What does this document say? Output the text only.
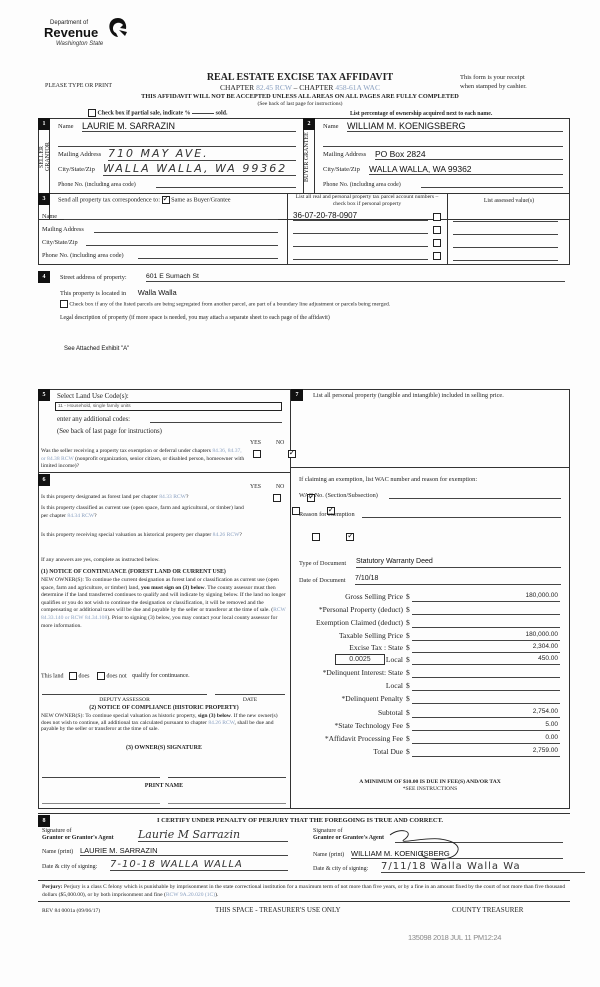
Department of
Revenue
Washington State
PLEASE TYPE OR PRINT
REAL ESTATE EXCISE TAX AFFIDAVIT
CHAPTER 82.45 RCW – CHAPTER 458-61A WAC
This form is your receipt
when stamped by cashier.
THIS AFFIDAVIT WILL NOT BE ACCEPTED UNLESS ALL AREAS ON ALL PAGES ARE FULLY COMPLETED
(See back of last page for instructions)
Check box if partial sale, indicate %	sold.	List percentage of ownership acquired next to each name.
1
SELLER GRANTOR
Name LAURIE M. SARRAZIN
Mailing Address 710 MAY AVE.
City/State/Zip WALLA WALLA, WA 99362
Phone No. (including area code)
2
BUYER GRANTEE
Name WILLIAM M. KOENIGSBERG
Mailing Address PO Box 2824
City/State/Zip WALLA WALLA, WA 99362
Phone No. (including area code)
3	Send all property tax correspondence to: ✓ Same as Buyer/Grantee
Name
Mailing Address
City/State/Zip
Phone No. (including area code)
List all real and personal property tax parcel account numbers – check box if personal property	List assessed value(s)
36-07-20-78-0907
4	Street address of property:	601 E Sumach St
This property is located in Walla Walla
Check box if any of the listed parcels are being segregated from another parcel, are part of a boundary line adjustment or parcels being merged.
Legal description of property (if more space is needed, you may attach a separate sheet to each page of the affidavit)
See Attached Exhibit "A"
5	Select Land Use Code(s):
11 - Household, single family units
enter any additional codes:
(See back of last page for instructions)
YES	NO
Was the seller receiving a property tax exemption or deferral under chapters 84.36, 84.37, or 84.38 RCW (nonprofit organization, senior citizen, or disabled person, homeowner with limited income)?
✓
6
YES	NO
Is this property designated as forest land per chapter 84.33 RCW?
✓
Is this property classified as current use (open space, farm and agricultural, or timber) land per chapter 84.34 RCW?
✓
Is this property receiving special valuation as historical property per chapter 84.26 RCW?
✓
If any answers are yes, complete as instructed below.
(1) NOTICE OF CONTINUANCE (FOREST LAND OR CURRENT USE)
NEW OWNER(S): To continue the current designation as forest land or classification as current use (open space, farm and agriculture, or timber) land, you must sign on (3) below. The county assessor must then determine if the land transferred continues to qualify and will indicate by signing below. If the land no longer qualifies or you do not wish to continue the designation or classification, it will be removed and the compensating or additional taxes will be due and payable by the seller or transferor at the time of sale. (RCW 84.33.140 or RCW 84.34.108). Prior to signing (3) below, you may contact your local county assessor for more information.
This land	does	does not qualify for continuance.
DEPUTY ASSESSOR	DATE
(2) NOTICE OF COMPLIANCE (HISTORIC PROPERTY)
NEW OWNER(S): To continue special valuation as historic property, sign (3) below. If the new owner(s) does not wish to continue, all additional tax calculated pursuant to chapter 84.26 RCW, shall be due and payable by the seller or transferor at the time of sale.
(3) OWNER(S) SIGNATURE
PRINT NAME
7	List all personal property (tangible and intangible) included in selling price.
If claiming an exemption, list WAC number and reason for exemption:
WAC No. (Section/Subsection)
Reason for exemption
Type of Document Statutory Warranty Deed
Date of Document 7/10/18
Gross Selling Price $	180,000.00
*Personal Property (deduct) $
Exemption Claimed (deduct) $
Taxable Selling Price $	180,000.00
Excise Tax : State $	2,304.00
0.0025	Local $	450.00
*Delinquent Interest: State $
Local $
*Delinquent Penalty $
Subtotal $	2,754.00
*State Technology Fee $	5.00
*Affidavit Processing Fee $	0.00
Total Due $	2,759.00
A MINIMUM OF $10.00 IS DUE IN FEE(S) AND/OR TAX
*SEE INSTRUCTIONS
8	I CERTIFY UNDER PENALTY OF PERJURY THAT THE FOREGOING IS TRUE AND CORRECT.
Signature of
Grantor or Grantor's Agent Laurie M Sarrazin
Name (print) LAURIE M. SARRAZIN
Date & city of signing: 7-10-18 WALLA WALLA
Signature of
Grantee or Grantee's Agent
Name (print) WILLIAM M. KOENIGSBERG
Date & city of signing: 7/11/18 Walla Walla Wa
Perjury: Perjury is a class C felony which is punishable by imprisonment in the state correctional institution for a maximum term of not more than five years, or by a fine in an amount fixed by the court of not more than five thousand dollars ($5,000.00), or by both imprisonment and fine (RCW 9A.20.020 (1C)).
REV 84 0001a (09/06/17)	THIS SPACE - TREASURER'S USE ONLY	COUNTY TREASURER
135098 2018 JUL 11 PM12:24
